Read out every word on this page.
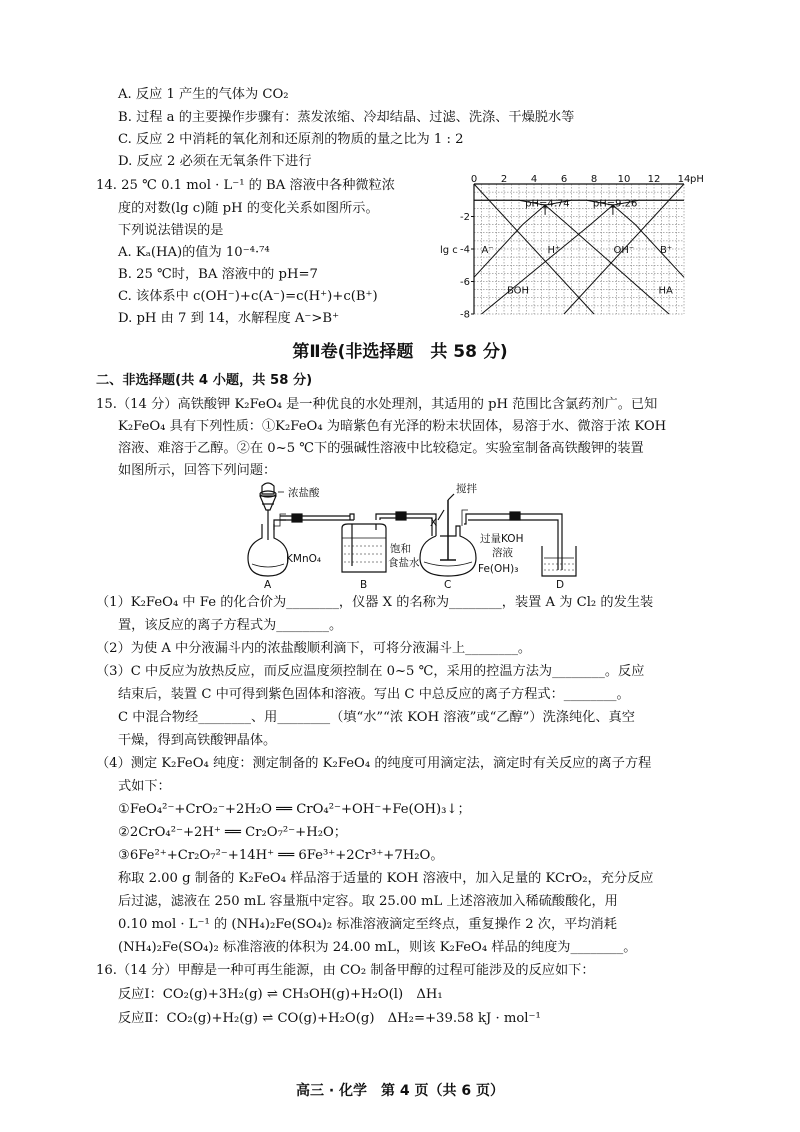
A. 反应 1 产生的气体为 CO₂
B. 过程 a 的主要操作步骤有：蒸发浓缩、冷却结晶、过滤、洗涤、干燥脱水等
C. 反应 2 中消耗的氧化剂和还原剂的物质的量之比为 1 : 2
D. 反应 2 必须在无氧条件下进行
14. 25 ℃ 0.1 mol · L⁻¹ 的 BA 溶液中各种微粒浓
度的对数(lg c)随 pH 的变化关系如图所示。
下列说法错误的是
A. Kₐ(HA)的值为 10⁻⁴·⁷⁴
B. 25 ℃时，BA 溶液中的 pH=7
C. 该体系中 c(OH⁻)+c(A⁻)=c(H⁺)+c(B⁺)
D. pH 由 7 到 14，水解程度 A⁻>B⁺
0 2 4 6 8 10 12 14 pH
-2
-4
-6
-8
lg c A⁻
HA
H⁺	OH⁻	B⁺
BOH
pH=4.74 pH=9.26
第Ⅱ卷(非选择题　共 58 分)
二、非选择题(共 4 小题，共 58 分)
15.（14 分）高铁酸钾 K₂FeO₄ 是一种优良的水处理剂，其适用的 pH 范围比含氯药剂广。已知
K₂FeO₄ 具有下列性质：①K₂FeO₄ 为暗紫色有光泽的粉末状固体，易溶于水、微溶于浓 KOH
溶液、难溶于乙醇。②在 0~5 ℃下的强碱性溶液中比较稳定。实验室制备高铁酸钾的装置
如图所示，回答下列问题：
浓盐酸	搅拌
X
KMnO₄
饱和
食盐水
过量KOH
溶液
Fe(OH)₃
A	B	C	D
（1）K₂FeO₄ 中 Fe 的化合价为________，仪器 X 的名称为________，装置 A 为 Cl₂ 的发生装
置，该反应的离子方程式为________。
（2）为使 A 中分液漏斗内的浓盐酸顺利滴下，可将分液漏斗上________。
（3）C 中反应为放热反应，而反应温度须控制在 0~5 ℃，采用的控温方法为________。反应
结束后，装置 C 中可得到紫色固体和溶液。写出 C 中总反应的离子方程式：________。
C 中混合物经________、用________（填“水”“浓 KOH 溶液”或“乙醇”）洗涤纯化、真空
干燥，得到高铁酸钾晶体。
（4）测定 K₂FeO₄ 纯度：测定制备的 K₂FeO₄ 的纯度可用滴定法，滴定时有关反应的离子方程
式如下：
①FeO₄²⁻+CrO₂⁻+2H₂O ══ CrO₄²⁻+OH⁻+Fe(OH)₃↓；
②2CrO₄²⁻+2H⁺ ══ Cr₂O₇²⁻+H₂O；
③6Fe²⁺+Cr₂O₇²⁻+14H⁺ ══ 6Fe³⁺+2Cr³⁺+7H₂O。
称取 2.00 g 制备的 K₂FeO₄ 样品溶于适量的 KOH 溶液中，加入足量的 KCrO₂，充分反应
后过滤，滤液在 250 mL 容量瓶中定容。取 25.00 mL 上述溶液加入稀硫酸酸化，用
0.10 mol · L⁻¹ 的 (NH₄)₂Fe(SO₄)₂ 标准溶液滴定至终点，重复操作 2 次，平均消耗
(NH₄)₂Fe(SO₄)₂ 标准溶液的体积为 24.00 mL，则该 K₂FeO₄ 样品的纯度为________。
16.（14 分）甲醇是一种可再生能源，由 CO₂ 制备甲醇的过程可能涉及的反应如下：
反应Ⅰ：CO₂(g)+3H₂(g) ⇌ CH₃OH(g)+H₂O(l)　ΔH₁
反应Ⅱ：CO₂(g)+H₂(g) ⇌ CO(g)+H₂O(g)　ΔH₂=+39.58 kJ · mol⁻¹
高三 · 化学　第 4 页（共 6 页）
